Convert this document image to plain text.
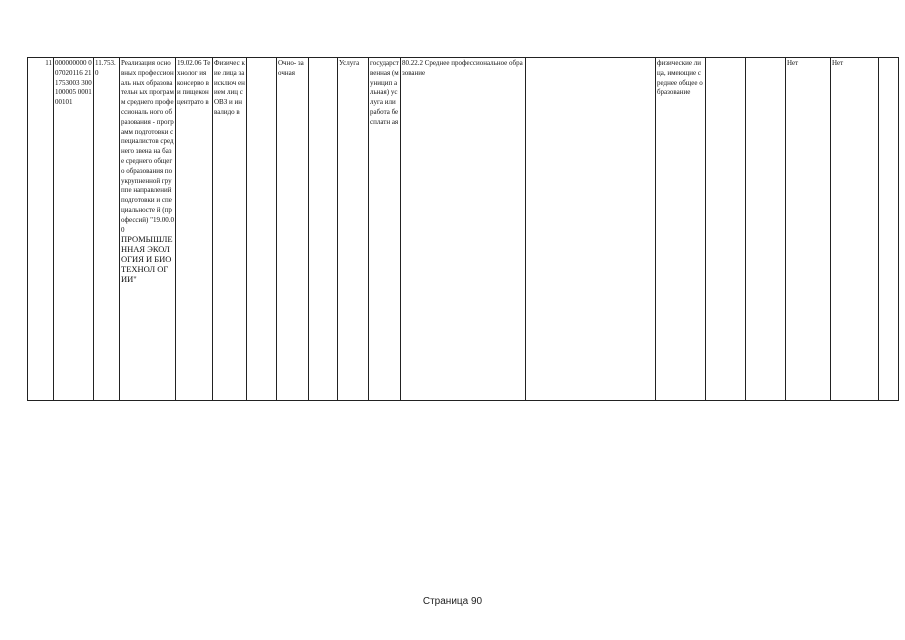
11	000000000 007020116 211753003 300100005 000100101	11.753. 0	
Реализация основных профессиональ ных образовательн ых программ среднего профессиональ ного образования - программ подготовки специалистов среднего звена на базе среднего общего образования по укрупненной группе направлений подготовки и специальносте й (профессий) "19.00.00
ПРОМЫШЛЕ ННАЯ ЭКОЛОГИЯ И БИОТЕХНОЛ ОГИИ"
	19.02.06 Технолог ия консерво в и пищекон центрато в	Физичес кие лица за исключ ением лиц с ОВЗ и инвалидо в		Очно- заочная		Услуга	государст венная (муницип альная) услуга или работа бесплатн ая	80.22.2 Среднее профессиональное образование		физические лица, имеющие среднее общее образование			Нет	Нет	
Страница 90
